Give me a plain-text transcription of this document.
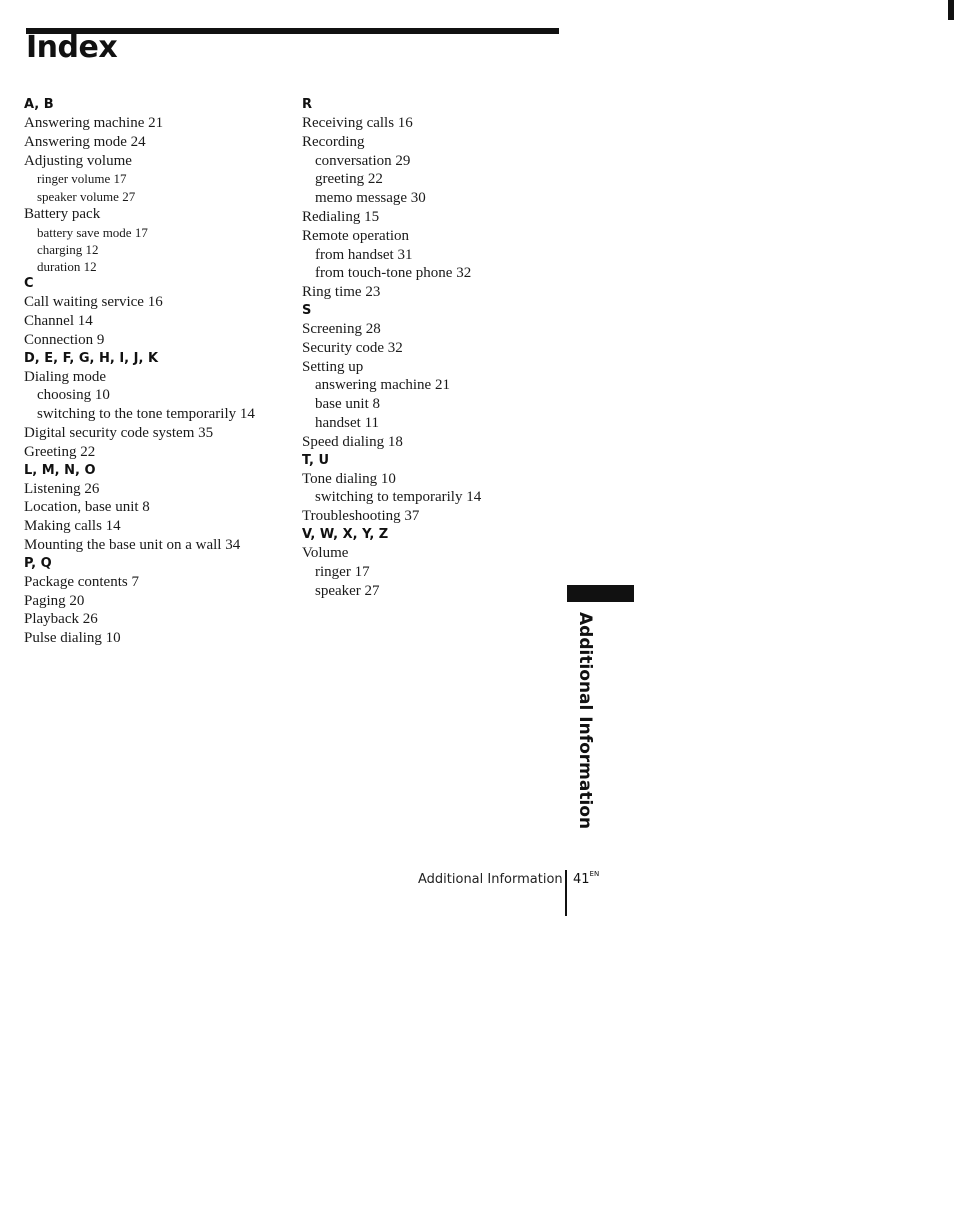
Index
A, B
Answering machine 21
Answering mode 24
Adjusting volume
ringer volume 17
speaker volume 27
Battery pack
battery save mode 17
charging 12
duration 12
C
Call waiting service 16
Channel 14
Connection 9
D, E, F, G, H, I, J, K
Dialing mode
choosing 10
switching to the tone temporarily 14
Digital security code system 35
Greeting 22
L, M, N, O
Listening 26
Location, base unit 8
Making calls 14
Mounting the base unit on a wall 34
P, Q
Package contents 7
Paging 20
Playback 26
Pulse dialing 10
R
Receiving calls 16
Recording
conversation 29
greeting 22
memo message 30
Redialing 15
Remote operation
from handset 31
from touch-tone phone 32
Ring time 23
S
Screening 28
Security code 32
Setting up
answering machine 21
base unit 8
handset 11
Speed dialing 18
T, U
Tone dialing 10
switching to temporarily 14
Troubleshooting 37
V, W, X, Y, Z
Volume
ringer 17
speaker 27
Additional Information
Additional Information $41^{EN}$
